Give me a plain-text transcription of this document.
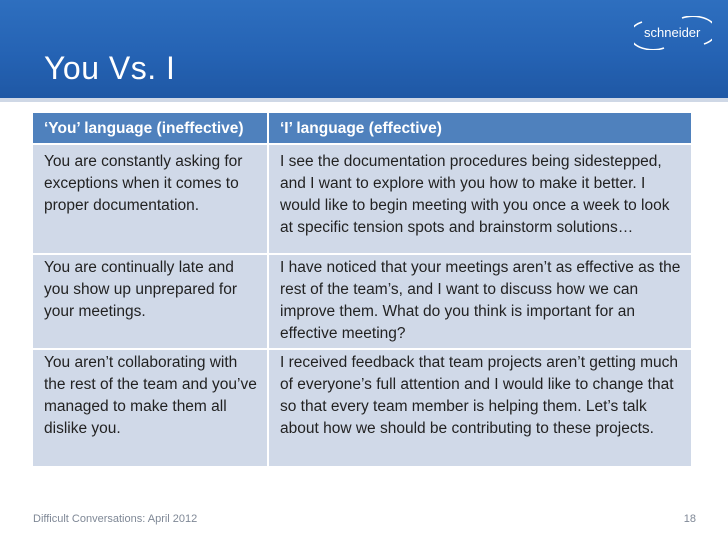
You Vs. I
schneider
‘You’ language (ineffective)	‘I’ language (effective)
You are constantly asking for exceptions when it comes to proper documentation.	I see the documentation procedures being sidestepped, and I want to explore with you how to make it better. I would like to begin meeting with you once a week to look at specific tension spots and brainstorm solutions…
You are continually late and you show up unprepared for your meetings.	I have noticed that your meetings aren’t as effective as the rest of the team’s, and I want to discuss how we can improve them. What do you think is important for an effective meeting?
You aren’t collaborating with the rest of the team and you’ve managed to make them all dislike you.	I received feedback that team projects aren’t getting much of everyone’s full attention and I would like to change that so that every team member is helping them. Let’s talk about how we should be contributing to these projects.
Difficult Conversations: April 2012	18
